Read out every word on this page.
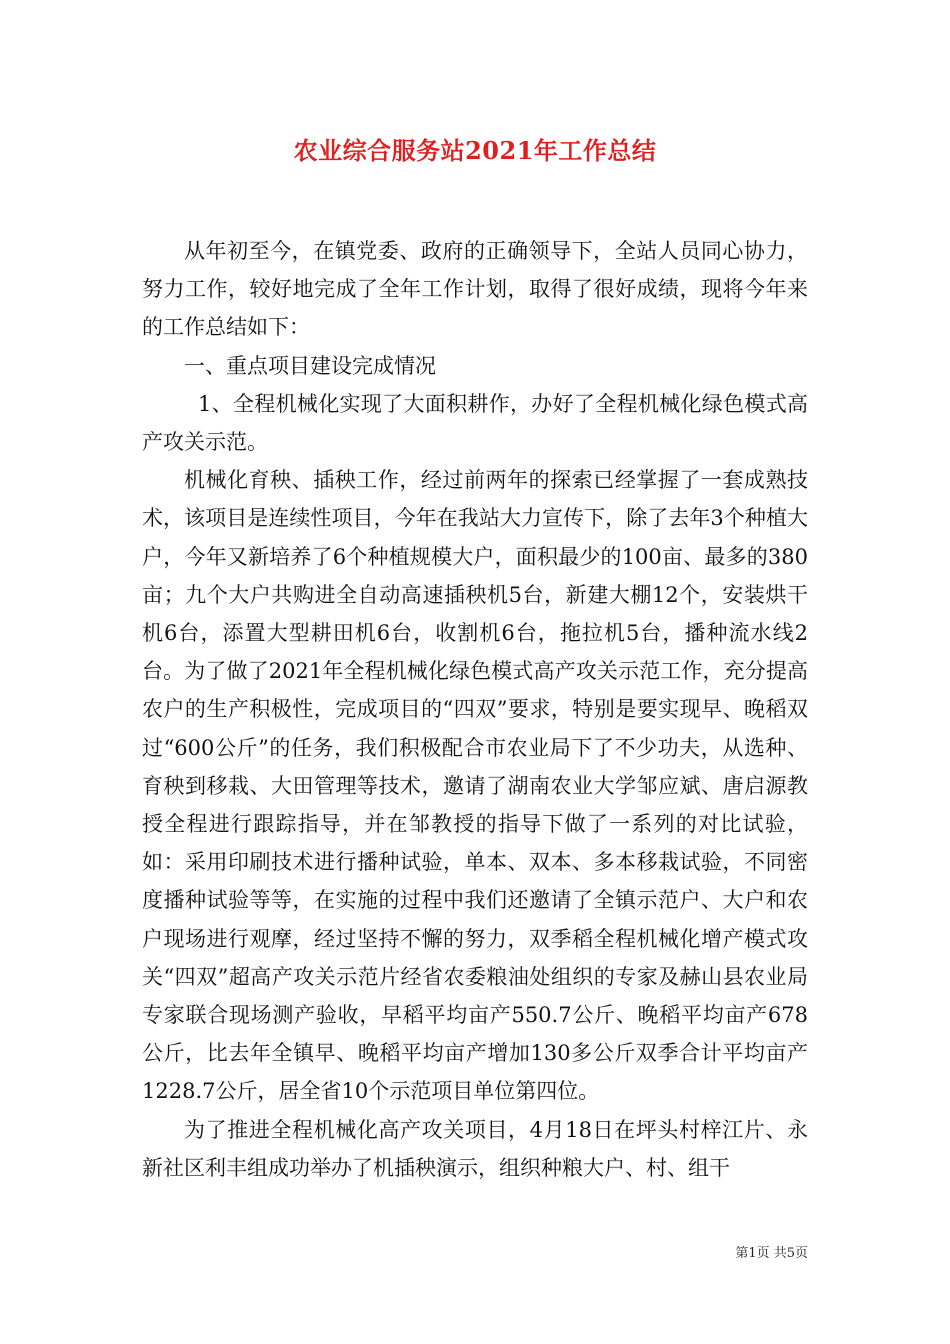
农业综合服务站2021年工作总结

从年初至今，在镇党委、政府的正确领导下，全站人员同心协力，努力工作，较好地完成了全年工作计划，取得了很好成绩，现将今年来的工作总结如下：

一、重点项目建设完成情况

1、全程机械化实现了大面积耕作，办好了全程机械化绿色模式高产攻关示范。

机械化育秧、插秧工作，经过前两年的探索已经掌握了一套成熟技术，该项目是连续性项目，今年在我站大力宣传下，除了去年3个种植大户，今年又新培养了6个种植规模大户，面积最少的100亩、最多的380亩；九个大户共购进全自动高速插秧机5台，新建大棚12个，安装烘干机6台，添置大型耕田机6台，收割机6台，拖拉机5台，播种流水线2台。为了做了2021年全程机械化绿色模式高产攻关示范工作，充分提高农户的生产积极性，完成项目的“四双”要求，特别是要实现早、晚稻双过“600公斤”的任务，我们积极配合市农业局下了不少功夫，从选种、育秧到移栽、大田管理等技术，邀请了湖南农业大学邹应斌、唐启源教授全程进行跟踪指导，并在邹教授的指导下做了一系列的对比试验，如：采用印刷技术进行播种试验，单本、双本、多本移栽试验，不同密度播种试验等等，在实施的过程中我们还邀请了全镇示范户、大户和农户现场进行观摩，经过坚持不懈的努力，双季稻全程机械化增产模式攻关“四双”超高产攻关示范片经省农委粮油处组织的专家及赫山县农业局专家联合现场测产验收，早稻平均亩产550.7公斤、晚稻平均亩产678公斤，比去年全镇早、晚稻平均亩产增加130多公斤双季合计平均亩产1228.7公斤，居全省10个示范项目单位第四位。

为了推进全程机械化高产攻关项目，4月18日在坪头村梓江片、永新社区利丰组成功举办了机插秧演示，组织种粮大户、村、组干

第1页 共5页
